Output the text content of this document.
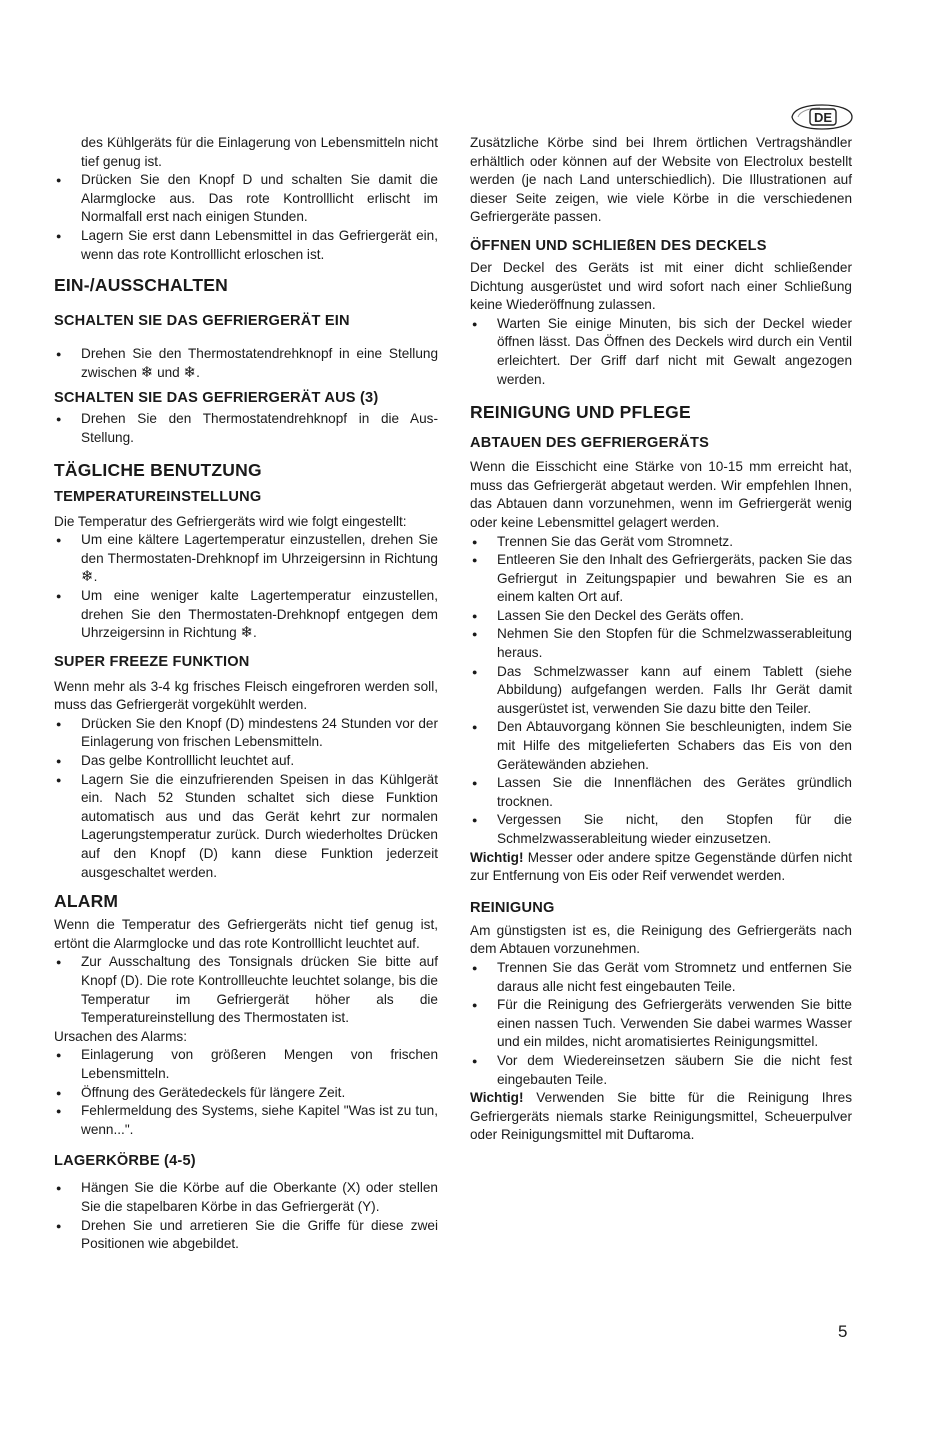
DE

des Kühlgeräts für die Einlagerung von Lebensmitteln nicht tief genug ist.

● Drücken Sie den Knopf D und schalten Sie damit die Alarmglocke aus. Das rote Kontrolllicht erlischt im Normalfall erst nach einigen Stunden.
● Lagern Sie erst dann Lebensmittel in das Gefriergerät ein, wenn das rote Kontrolllicht erloschen ist.
EIN-/AUSSCHALTEN
SCHALTEN SIE DAS GEFRIERGERÄT EIN
● Drehen Sie den Thermostatendrehknopf in eine Stellung zwischen ❄ und ❄.
SCHALTEN SIE DAS GEFRIERGERÄT AUS (3)
● Drehen Sie den Thermostatendrehknopf in die Aus-Stellung.
TÄGLICHE BENUTZUNG
TEMPERATUREINSTELLUNG

Die Temperatur des Gefriergeräts wird wie folgt eingestellt:

● Um eine kältere Lagertemperatur einzustellen, drehen Sie den Thermostaten-Drehknopf im Uhrzeigersinn in Richtung ❄.
● Um eine weniger kalte Lagertemperatur einzustellen, drehen Sie den Thermostaten-Drehknopf entgegen dem Uhrzeigersinn in Richtung ❄.
SUPER FREEZE FUNKTION

Wenn mehr als 3-4 kg frisches Fleisch eingefroren werden soll, muss das Gefriergerät vorgekühlt werden.

● Drücken Sie den Knopf (D) mindestens 24 Stunden vor der Einlagerung von frischen Lebensmitteln.
● Das gelbe Kontrolllicht leuchtet auf.
● Lagern Sie die einzufrierenden Speisen in das Kühlgerät ein. Nach 52 Stunden schaltet sich diese Funktion automatisch aus und das Gerät kehrt zur normalen Lagerungstemperatur zurück. Durch wiederholtes Drücken auf den Knopf (D) kann diese Funktion jederzeit ausgeschaltet werden.
ALARM

Wenn die Temperatur des Gefriergeräts nicht tief genug ist, ertönt die Alarmglocke und das rote Kontrolllicht leuchtet auf.

● Zur Ausschaltung des Tonsignals drücken Sie bitte auf Knopf (D). Die rote Kontrollleuchte leuchtet solange, bis die Temperatur im Gefriergerät höher als die Temperatureinstellung des Thermostaten ist.

Ursachen des Alarms:

● Einlagerung von größeren Mengen von frischen Lebensmitteln.
● Öffnung des Gerätedeckels für längere Zeit.
● Fehlermeldung des Systems, siehe Kapitel "Was ist zu tun, wenn...".
LAGERKÖRBE (4-5)
● Hängen Sie die Körbe auf die Oberkante (X) oder stellen Sie die stapelbaren Körbe in das Gefriergerät (Y).
● Drehen Sie und arretieren Sie die Griffe für diese zwei Positionen wie abgebildet.

Zusätzliche Körbe sind bei Ihrem örtlichen Vertragshändler erhältlich oder können auf der Website von Electrolux bestellt werden (je nach Land unterschiedlich). Die Illustrationen auf dieser Seite zeigen, wie viele Körbe in die verschiedenen Gefriergeräte passen.

ÖFFNEN UND SCHLIEßEN DES DECKELS

Der Deckel des Geräts ist mit einer dicht schließender Dichtung ausgerüstet und wird sofort nach einer Schließung keine Wiederöffnung zulassen.

● Warten Sie einige Minuten, bis sich der Deckel wieder öffnen lässt. Das Öffnen des Deckels wird durch ein Ventil erleichtert. Der Griff darf nicht mit Gewalt angezogen werden.
REINIGUNG UND PFLEGE
ABTAUEN DES GEFRIERGERÄTS

Wenn die Eisschicht eine Stärke von 10-15 mm erreicht hat, muss das Gefriergerät abgetaut werden. Wir empfehlen Ihnen, das Abtauen dann vorzunehmen, wenn im Gefriergerät wenig oder keine Lebensmittel gelagert werden.

● Trennen Sie das Gerät vom Stromnetz.
● Entleeren Sie den Inhalt des Gefriergeräts, packen Sie das Gefriergut in Zeitungspapier und bewahren Sie es an einem kalten Ort auf.
● Lassen Sie den Deckel des Geräts offen.
● Nehmen Sie den Stopfen für die Schmelzwasserableitung heraus.
● Das Schmelzwasser kann auf einem Tablett (siehe Abbildung) aufgefangen werden. Falls Ihr Gerät damit ausgerüstet ist, verwenden Sie dazu bitte den Teiler.
● Den Abtauvorgang können Sie beschleunigten, indem Sie mit Hilfe des mitgelieferten Schabers das Eis von den Gerätewänden abziehen.
● Lassen Sie die Innenflächen des Gerätes gründlich trocknen.
● Vergessen Sie nicht, den Stopfen für die Schmelzwasserableitung wieder einzusetzen.

Wichtig! Messer oder andere spitze Gegenstände dürfen nicht zur Entfernung von Eis oder Reif verwendet werden.

REINIGUNG

Am günstigsten ist es, die Reinigung des Gefriergeräts nach dem Abtauen vorzunehmen.

● Trennen Sie das Gerät vom Stromnetz und entfernen Sie daraus alle nicht fest eingebauten Teile.
● Für die Reinigung des Gefriergeräts verwenden Sie bitte einen nassen Tuch. Verwenden Sie dabei warmes Wasser und ein mildes, nicht aromatisiertes Reinigungsmittel.
● Vor dem Wiedereinsetzen säubern Sie die nicht fest eingebauten Teile.

Wichtig! Verwenden Sie bitte für die Reinigung Ihres Gefriergeräts niemals starke Reinigungsmittel, Scheuerpulver oder Reinigungsmittel mit Duftaroma.

5
